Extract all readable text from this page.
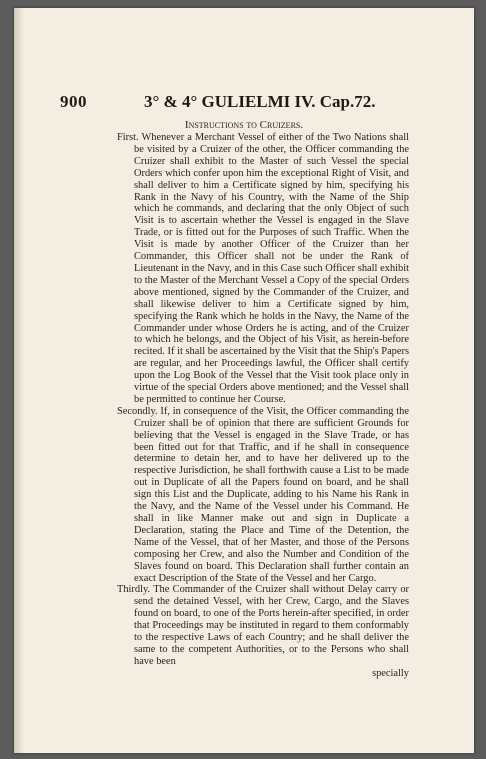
900	3° & 4° GULIELMI IV. Cap.72.
Instructions to Cruizers.

First. Whenever a Merchant Vessel of either of the Two Nations shall be visited by a Cruizer of the other, the Officer commanding the Cruizer shall exhibit to the Master of such Vessel the special Orders which confer upon him the exceptional Right of Visit, and shall deliver to him a Certificate signed by him, specifying his Rank in the Navy of his Country, with the Name of the Ship which he commands, and declaring that the only Object of such Visit is to ascertain whether the Vessel is engaged in the Slave Trade, or is fitted out for the Purposes of such Traffic. When the Visit is made by another Officer of the Cruizer than her Commander, this Officer shall not be under the Rank of Lieutenant in the Navy, and in this Case such Officer shall exhibit to the Master of the Merchant Vessel a Copy of the special Orders above mentioned, signed by the Commander of the Cruizer, and shall likewise deliver to him a Certificate signed by him, specifying the Rank which he holds in the Navy, the Name of the Commander under whose Orders he is acting, and of the Cruizer to which he belongs, and the Object of his Visit, as herein-before recited. If it shall be ascertained by the Visit that the Ship's Papers are regular, and her Proceedings lawful, the Officer shall certify upon the Log Book of the Vessel that the Visit took place only in virtue of the special Orders above mentioned; and the Vessel shall be permitted to continue her Course.

Secondly. If, in consequence of the Visit, the Officer commanding the Cruizer shall be of opinion that there are sufficient Grounds for believing that the Vessel is engaged in the Slave Trade, or has been fitted out for that Traffic, and if he shall in consequence determine to detain her, and to have her delivered up to the respective Jurisdiction, he shall forthwith cause a List to be made out in Duplicate of all the Papers found on board, and he shall sign this List and the Duplicate, adding to his Name his Rank in the Navy, and the Name of the Vessel under his Command. He shall in like Manner make out and sign in Duplicate a Declaration, stating the Place and Time of the Detention, the Name of the Vessel, that of her Master, and those of the Persons composing her Crew, and also the Number and Condition of the Slaves found on board. This Declaration shall further contain an exact Description of the State of the Vessel and her Cargo.

Thirdly. The Commander of the Cruizer shall without Delay carry or send the detained Vessel, with her Crew, Cargo, and the Slaves found on board, to one of the Ports herein-after specified, in order that Proceedings may be instituted in regard to them conformably to the respective Laws of each Country; and he shall deliver the same to the competent Authorities, or to the Persons who shall have been
specially
